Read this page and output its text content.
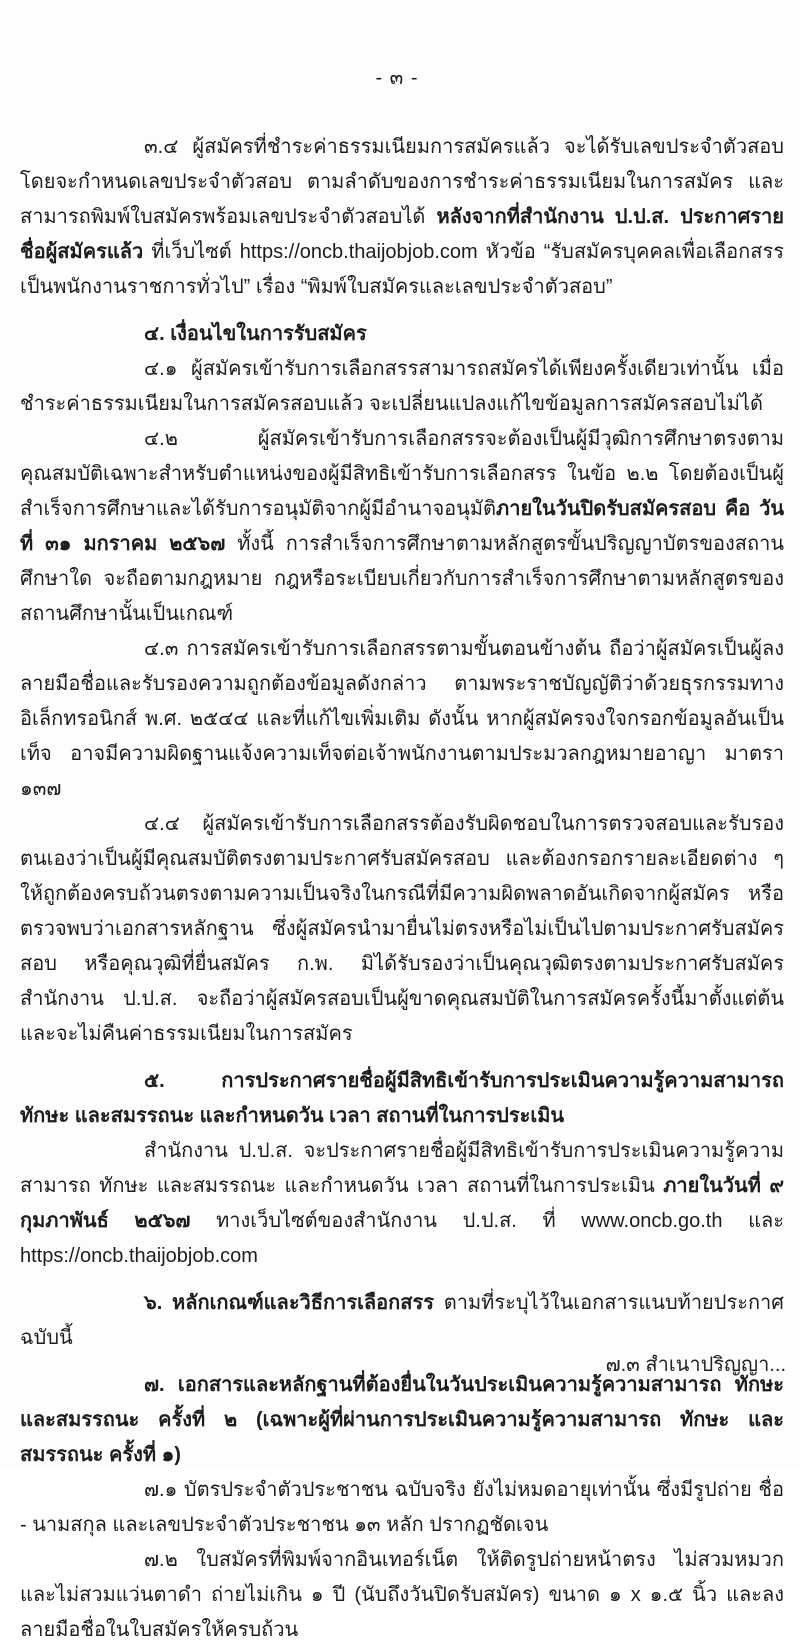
- ๓ -

๓.๔ ผู้สมัครที่ชำระค่าธรรมเนียมการสมัครแล้ว จะได้รับเลขประจำตัวสอบ โดยจะกำหนดเลขประจำตัวสอบ ตามลำดับของการชำระค่าธรรมเนียมในการสมัคร และสามารถพิมพ์ใบสมัครพร้อมเลขประจำตัวสอบได้ หลังจากที่สำนักงาน ป.ป.ส. ประกาศรายชื่อผู้สมัครแล้ว ที่เว็บไซต์ https://oncb.thaijobjob.com หัวข้อ “รับสมัครบุคคลเพื่อเลือกสรรเป็นพนักงานราชการทั่วไป” เรื่อง “พิมพ์ใบสมัครและเลขประจำตัวสอบ”

๔. เงื่อนไขในการรับสมัคร

๔.๑ ผู้สมัครเข้ารับการเลือกสรรสามารถสมัครได้เพียงครั้งเดียวเท่านั้น เมื่อชำระค่าธรรมเนียมในการสมัครสอบแล้ว จะเปลี่ยนแปลงแก้ไขข้อมูลการสมัครสอบไม่ได้

๔.๒ ผู้สมัครเข้ารับการเลือกสรรจะต้องเป็นผู้มีวุฒิการศึกษาตรงตามคุณสมบัติเฉพาะสำหรับตำแหน่งของผู้มีสิทธิเข้ารับการเลือกสรร ในข้อ ๒.๒ โดยต้องเป็นผู้สำเร็จการศึกษาและได้รับการอนุมัติจากผู้มีอำนาจอนุมัติภายในวันปิดรับสมัครสอบ คือ วันที่ ๓๑ มกราคม ๒๕๖๗ ทั้งนี้ การสำเร็จการศึกษาตามหลักสูตรขั้นปริญญาบัตรของสถานศึกษาใด จะถือตามกฎหมาย กฎหรือระเบียบเกี่ยวกับการสำเร็จการศึกษาตามหลักสูตรของสถานศึกษานั้นเป็นเกณฑ์

๔.๓ การสมัครเข้ารับการเลือกสรรตามขั้นตอนข้างต้น ถือว่าผู้สมัครเป็นผู้ลงลายมือชื่อและรับรองความถูกต้องข้อมูลดังกล่าว ตามพระราชบัญญัติว่าด้วยธุรกรรมทางอิเล็กทรอนิกส์ พ.ศ. ๒๕๔๔ และที่แก้ไขเพิ่มเติม ดังนั้น หากผู้สมัครจงใจกรอกข้อมูลอันเป็นเท็จ อาจมีความผิดฐานแจ้งความเท็จต่อเจ้าพนักงานตามประมวลกฎหมายอาญา มาตรา ๑๓๗

๔.๔ ผู้สมัครเข้ารับการเลือกสรรต้องรับผิดชอบในการตรวจสอบและรับรองตนเองว่าเป็นผู้มีคุณสมบัติตรงตามประกาศรับสมัครสอบ และต้องกรอกรายละเอียดต่าง ๆ ให้ถูกต้องครบถ้วนตรงตามความเป็นจริงในกรณีที่มีความผิดพลาดอันเกิดจากผู้สมัคร หรือตรวจพบว่าเอกสารหลักฐาน ซึ่งผู้สมัครนำมายื่นไม่ตรงหรือไม่เป็นไปตามประกาศรับสมัครสอบ หรือคุณวุฒิที่ยื่นสมัคร ก.พ. มิได้รับรองว่าเป็นคุณวุฒิตรงตามประกาศรับสมัคร สำนักงาน ป.ป.ส. จะถือว่าผู้สมัครสอบเป็นผู้ขาดคุณสมบัติในการสมัครครั้งนี้มาตั้งแต่ต้น และจะไม่คืนค่าธรรมเนียมในการสมัคร

๕. การประกาศรายชื่อผู้มีสิทธิเข้ารับการประเมินความรู้ความสามารถ ทักษะ และสมรรถนะ และกำหนดวัน เวลา สถานที่ในการประเมิน

สำนักงาน ป.ป.ส. จะประกาศรายชื่อผู้มีสิทธิเข้ารับการประเมินความรู้ความสามารถ ทักษะ และสมรรถนะ และกำหนดวัน เวลา สถานที่ในการประเมิน ภายในวันที่ ๙ กุมภาพันธ์ ๒๕๖๗ ทางเว็บไซต์ของสำนักงาน ป.ป.ส. ที่ www.oncb.go.th และ https://oncb.thaijobjob.com

๖. หลักเกณฑ์และวิธีการเลือกสรร ตามที่ระบุไว้ในเอกสารแนบท้ายประกาศฉบับนี้

๗. เอกสารและหลักฐานที่ต้องยื่นในวันประเมินความรู้ความสามารถ ทักษะ และสมรรถนะ ครั้งที่ ๒ (เฉพาะผู้ที่ผ่านการประเมินความรู้ความสามารถ ทักษะ และสมรรถนะ ครั้งที่ ๑)

๗.๑ บัตรประจำตัวประชาชน ฉบับจริง ยังไม่หมดอายุเท่านั้น ซึ่งมีรูปถ่าย ชื่อ - นามสกุล และเลขประจำตัวประชาชน ๑๓ หลัก ปรากฏชัดเจน

๗.๒ ใบสมัครที่พิมพ์จากอินเทอร์เน็ต ให้ติดรูปถ่ายหน้าตรง ไม่สวมหมวก และไม่สวมแว่นตาดำ ถ่ายไม่เกิน ๑ ปี (นับถึงวันปิดรับสมัคร) ขนาด ๑ x ๑.๕ นิ้ว และลงลายมือชื่อในใบสมัครให้ครบถ้วน

๗.๓ สำเนาปริญญา...
